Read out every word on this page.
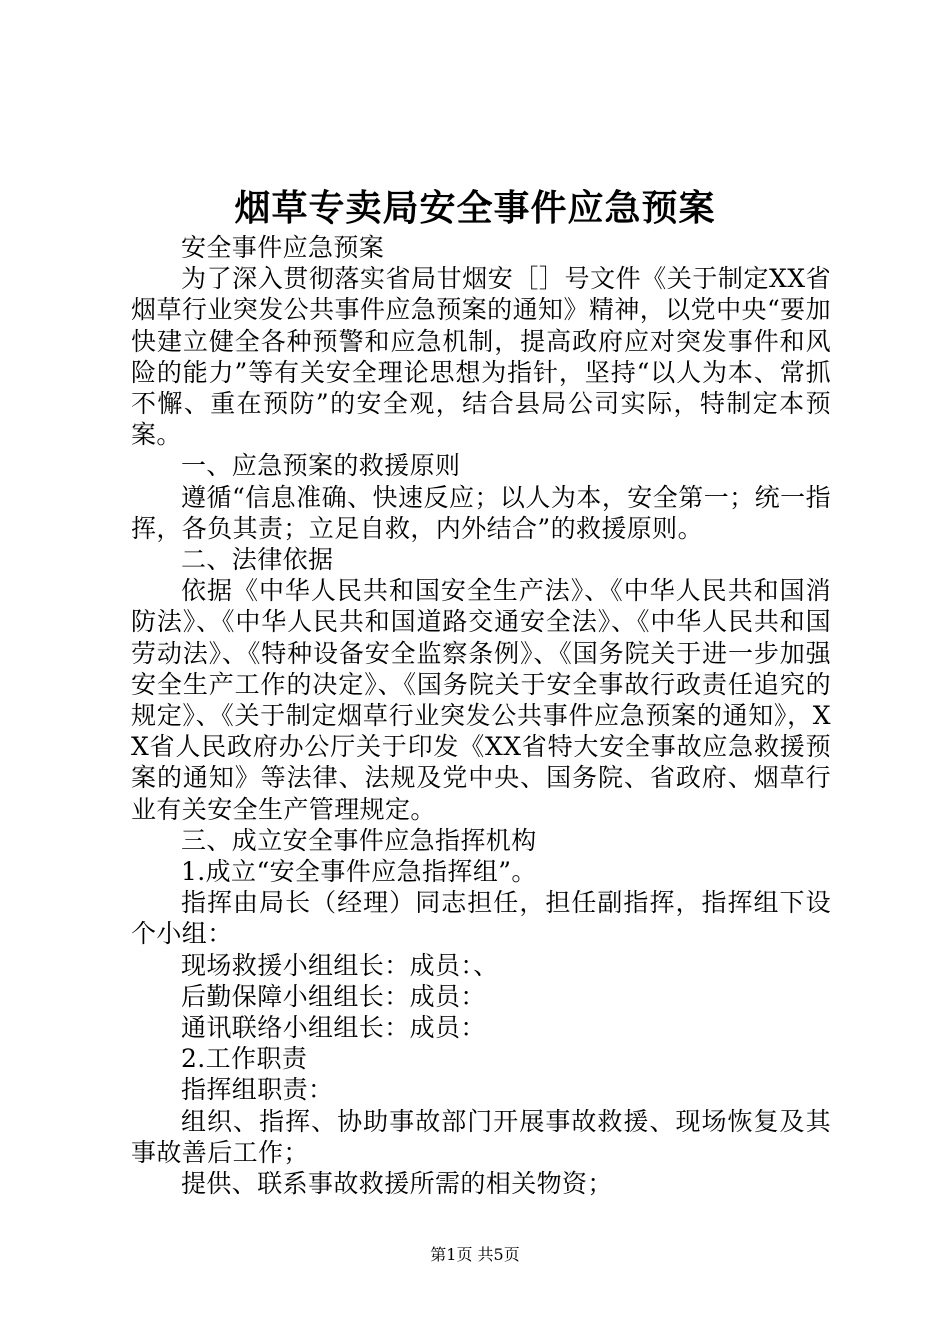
烟草专卖局安全事件应急预案

安全事件应急预案

为了深入贯彻落实省局甘烟安［］号文件《关于制定XX省烟草行业突发公共事件应急预案的通知》精神，以党中央“要加快建立健全各种预警和应急机制，提高政府应对突发事件和风险的能力”等有关安全理论思想为指针，坚持“以人为本、常抓不懈、重在预防”的安全观，结合县局公司实际，特制定本预案。

一、应急预案的救援原则

遵循“信息准确、快速反应；以人为本，安全第一；统一指挥，各负其责；立足自救，内外结合”的救援原则。

二、法律依据

依据《中华人民共和国安全生产法》、《中华人民共和国消防法》、《中华人民共和国道路交通安全法》、《中华人民共和国劳动法》、《特种设备安全监察条例》、《国务院关于进一步加强安全生产工作的决定》、《国务院关于安全事故行政责任追究的规定》、《关于制定烟草行业突发公共事件应急预案的通知》，XX省人民政府办公厅关于印发《XX省特大安全事故应急救援预案的通知》等法律、法规及党中央、国务院、省政府、烟草行业有关安全生产管理规定。

三、成立安全事件应急指挥机构

1.成立“安全事件应急指挥组”。

指挥由局长（经理）同志担任，担任副指挥，指挥组下设个小组：

现场救援小组组长：成员：、

后勤保障小组组长：成员：

通讯联络小组组长：成员：

2.工作职责

指挥组职责：

组织、指挥、协助事故部门开展事故救援、现场恢复及其事故善后工作；

提供、联系事故救援所需的相关物资；

第1页 共5页
